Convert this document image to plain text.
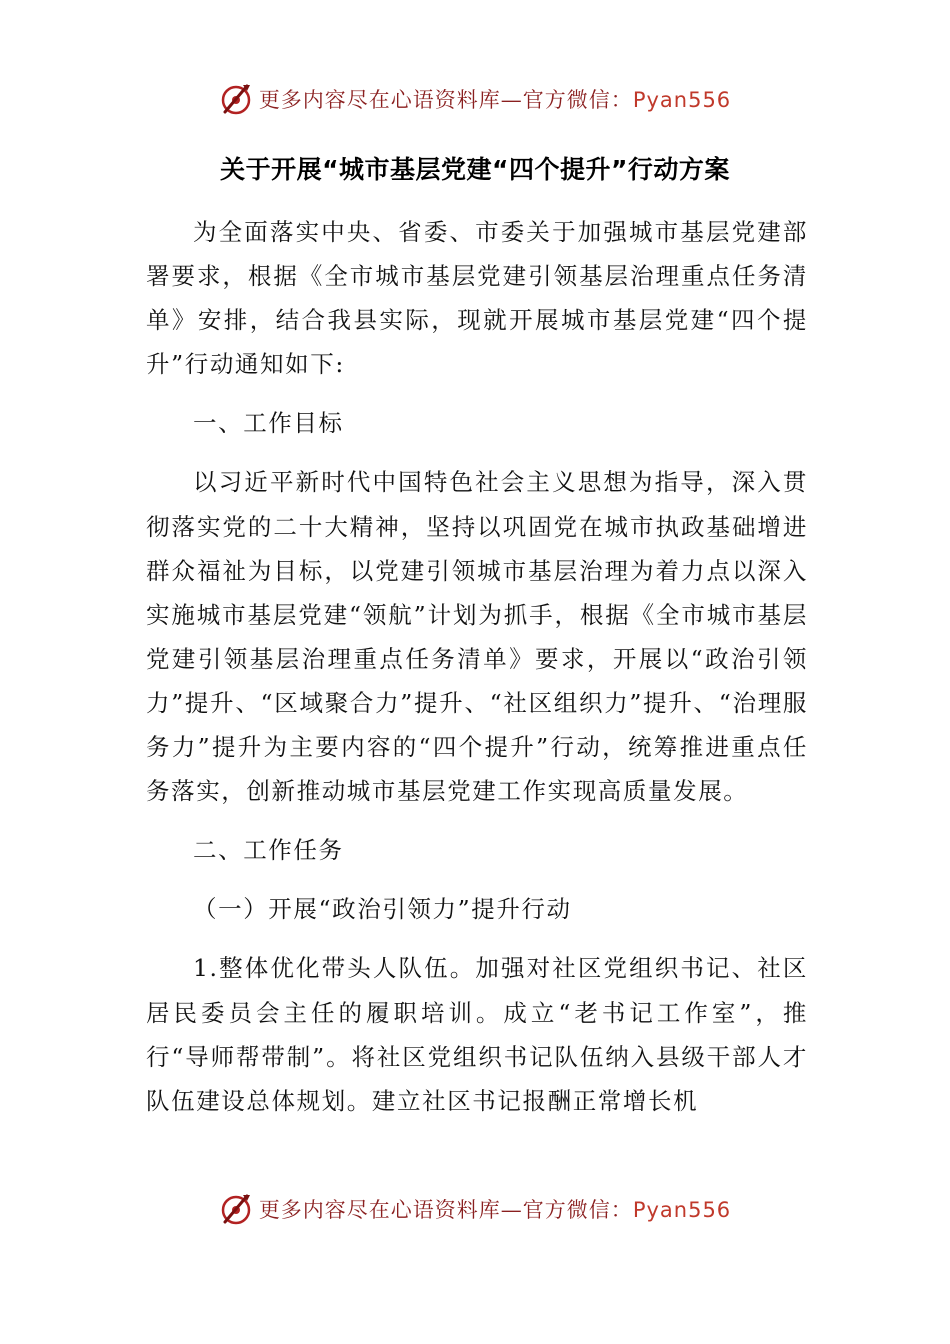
更多内容尽在心语资料库—官方微信：Pyan556
关于开展“城市基层党建“四个提升”行动方案

为全面落实中央、省委、市委关于加强城市基层党建部署要求，根据《全市城市基层党建引领基层治理重点任务清单》安排，结合我县实际，现就开展城市基层党建“四个提升”行动通知如下:

一、工作目标

以习近平新时代中国特色社会主义思想为指导，深入贯彻落实党的二十大精神，坚持以巩固党在城市执政基础增进群众福祉为目标，以党建引领城市基层治理为着力点以深入实施城市基层党建“领航”计划为抓手，根据《全市城市基层党建引领基层治理重点任务清单》要求，开展以“政治引领力”提升、“区域聚合力”提升、“社区组织力”提升、“治理服务力”提升为主要内容的“四个提升”行动，统筹推进重点任务落实，创新推动城市基层党建工作实现高质量发展。

二、工作任务

（一）开展“政治引领力”提升行动

1.整体优化带头人队伍。加强对社区党组织书记、社区居民委员会主任的履职培训。成立“老书记工作室”，推行“导师帮带制”。将社区党组织书记队伍纳入县级干部人才队伍建设总体规划。建立社区书记报酬正常增长机

更多内容尽在心语资料库—官方微信：Pyan556
